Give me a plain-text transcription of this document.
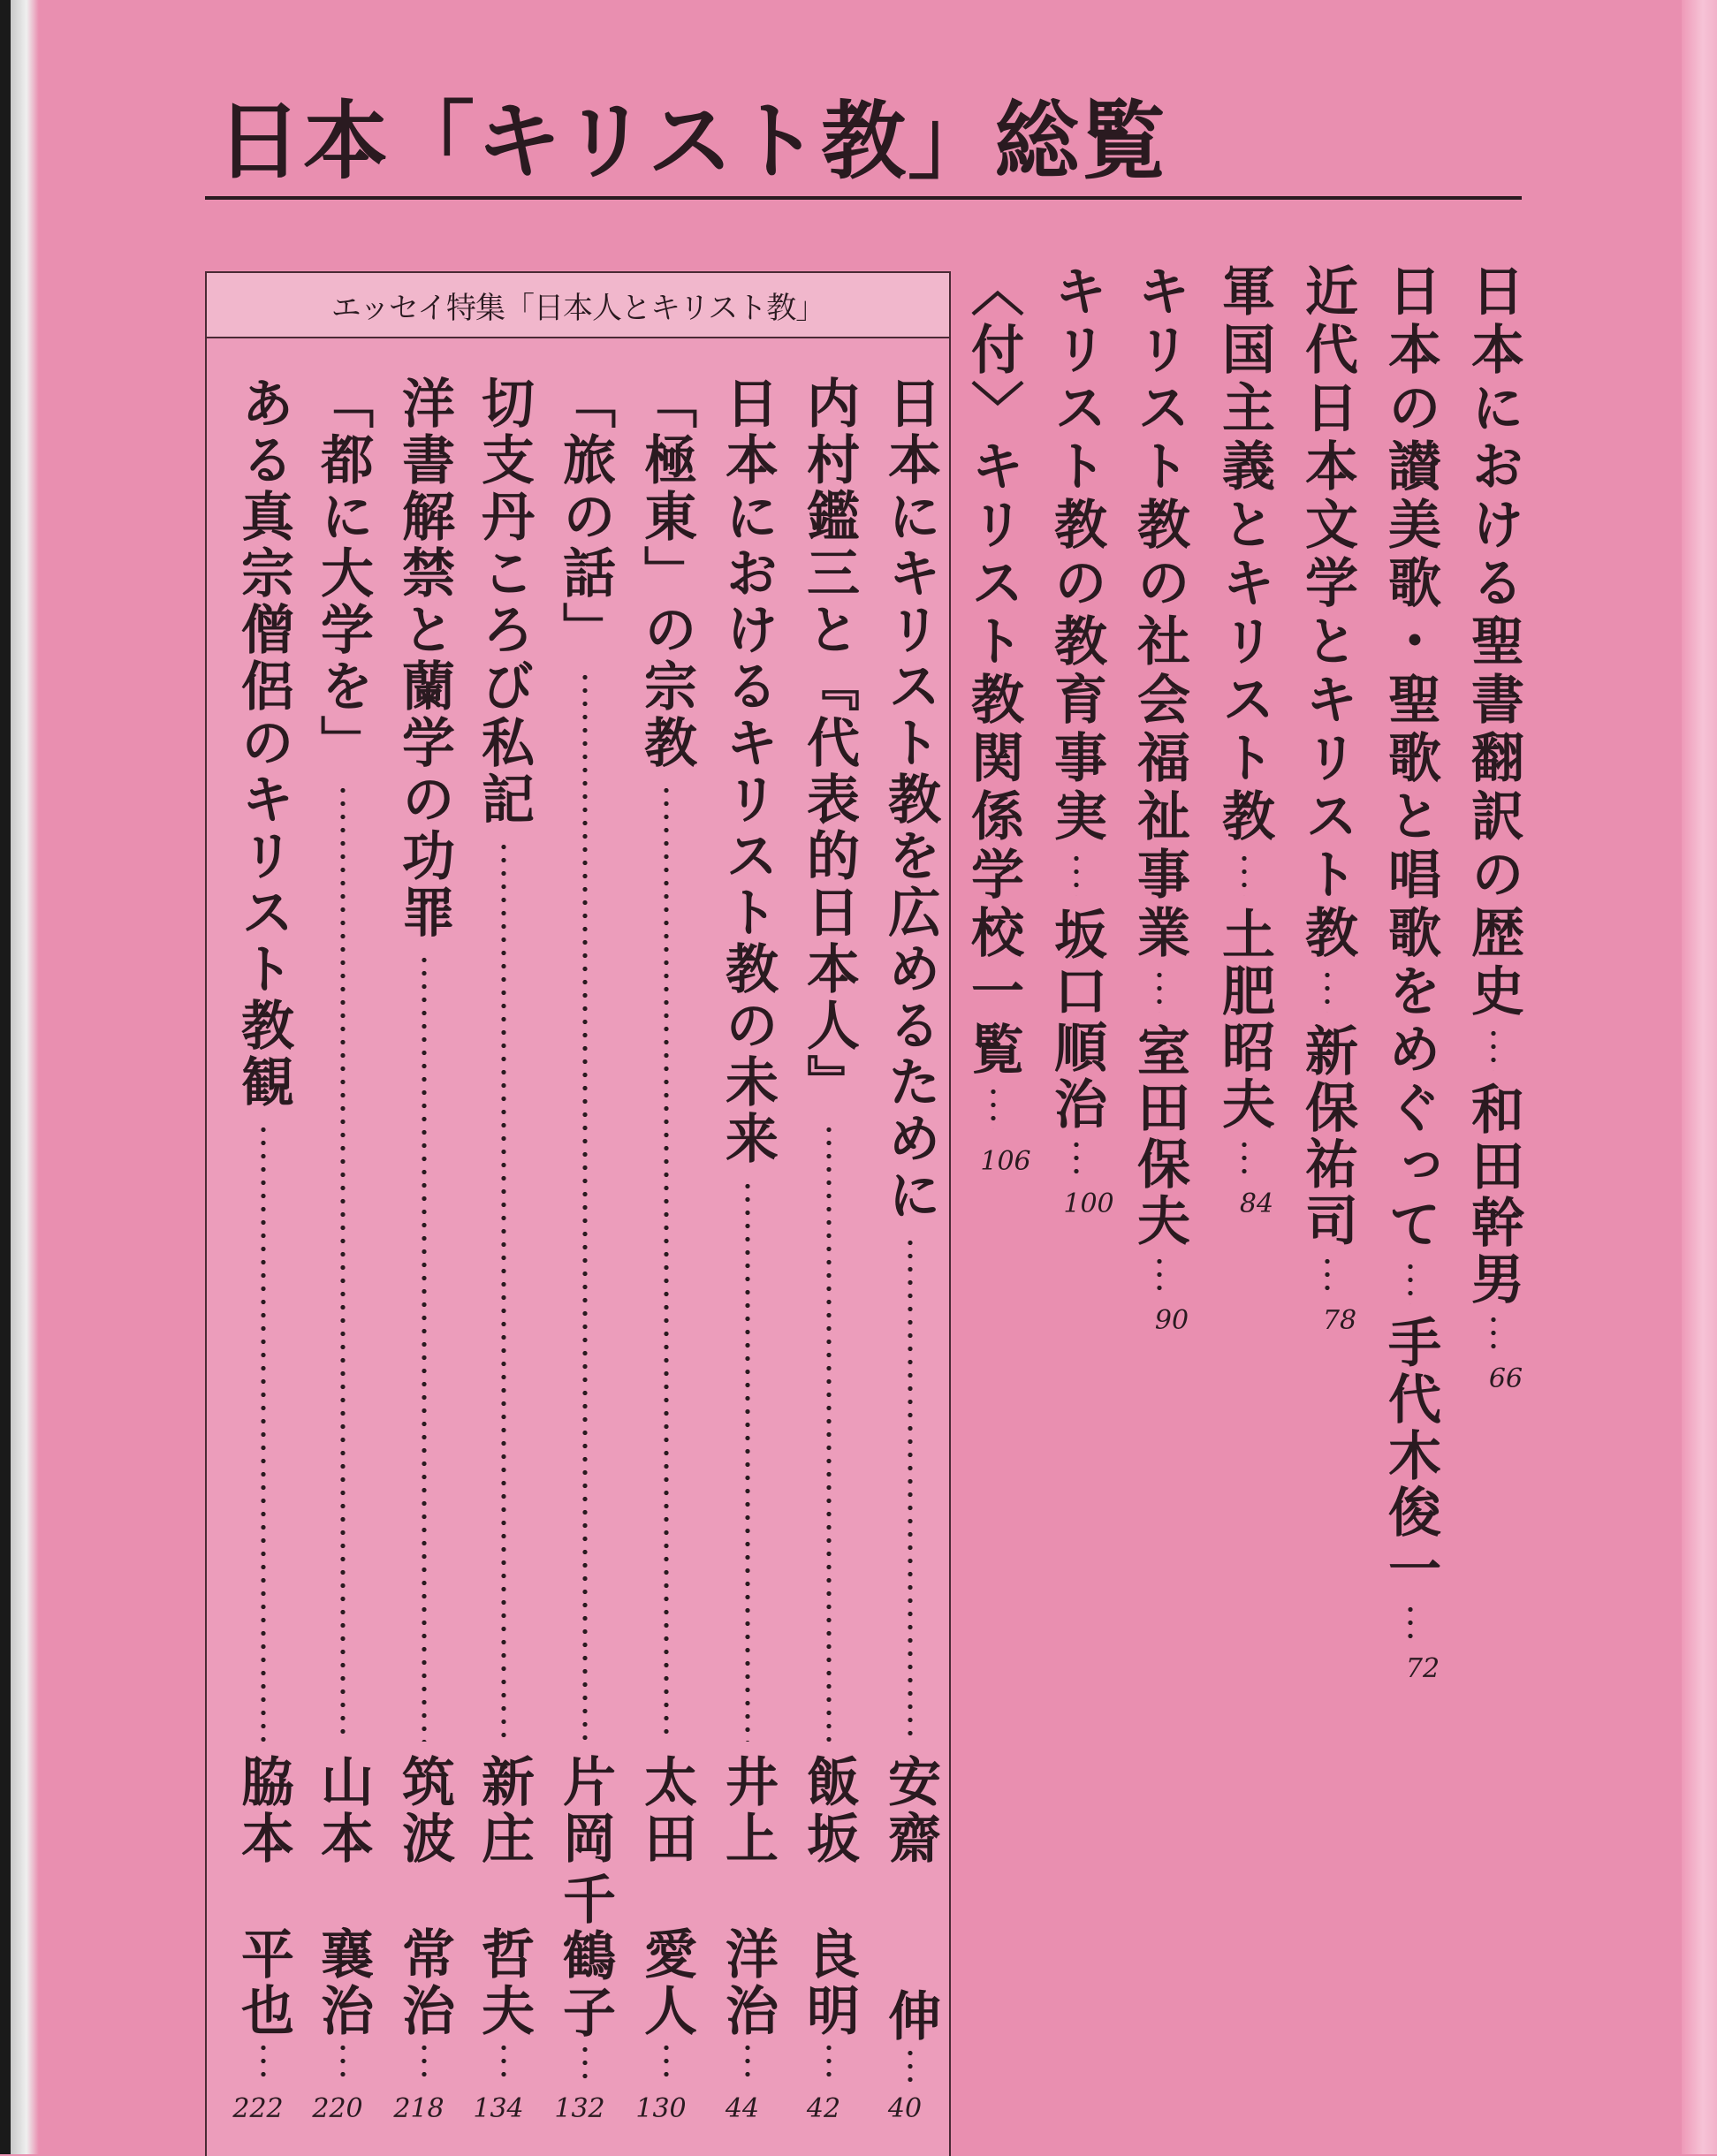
日本「キリスト教」総覧
日本における聖書翻訳の歴史
和田幹男
66
日本の讃美歌・聖歌と唱歌をめぐって
手代木俊一
72
近代日本文学とキリスト教
新保祐司
78
軍国主義とキリスト教
土肥昭夫
84
キリスト教の社会福祉事業
室田保夫
90
キリスト教の教育事実
坂口順治
100
〈付〉キリスト教関係学校一覧
106
エッセイ特集「日本人とキリスト教」
日本にキリスト教を広めるために
安齋
伸
40
内村鑑三と『代表的日本人』
飯坂
良明
42
日本におけるキリスト教の未来
井上
洋治
44
「極東」の宗教
太田
愛人
130
「旅の話」
片岡
千鶴子
132
切支丹ころび私記
新庄
哲夫
134
洋書解禁と蘭学の功罪
筑波
常治
218
「都に大学を」
山本
襄治
220
ある真宗僧侶のキリスト教観
脇本
平也
222
